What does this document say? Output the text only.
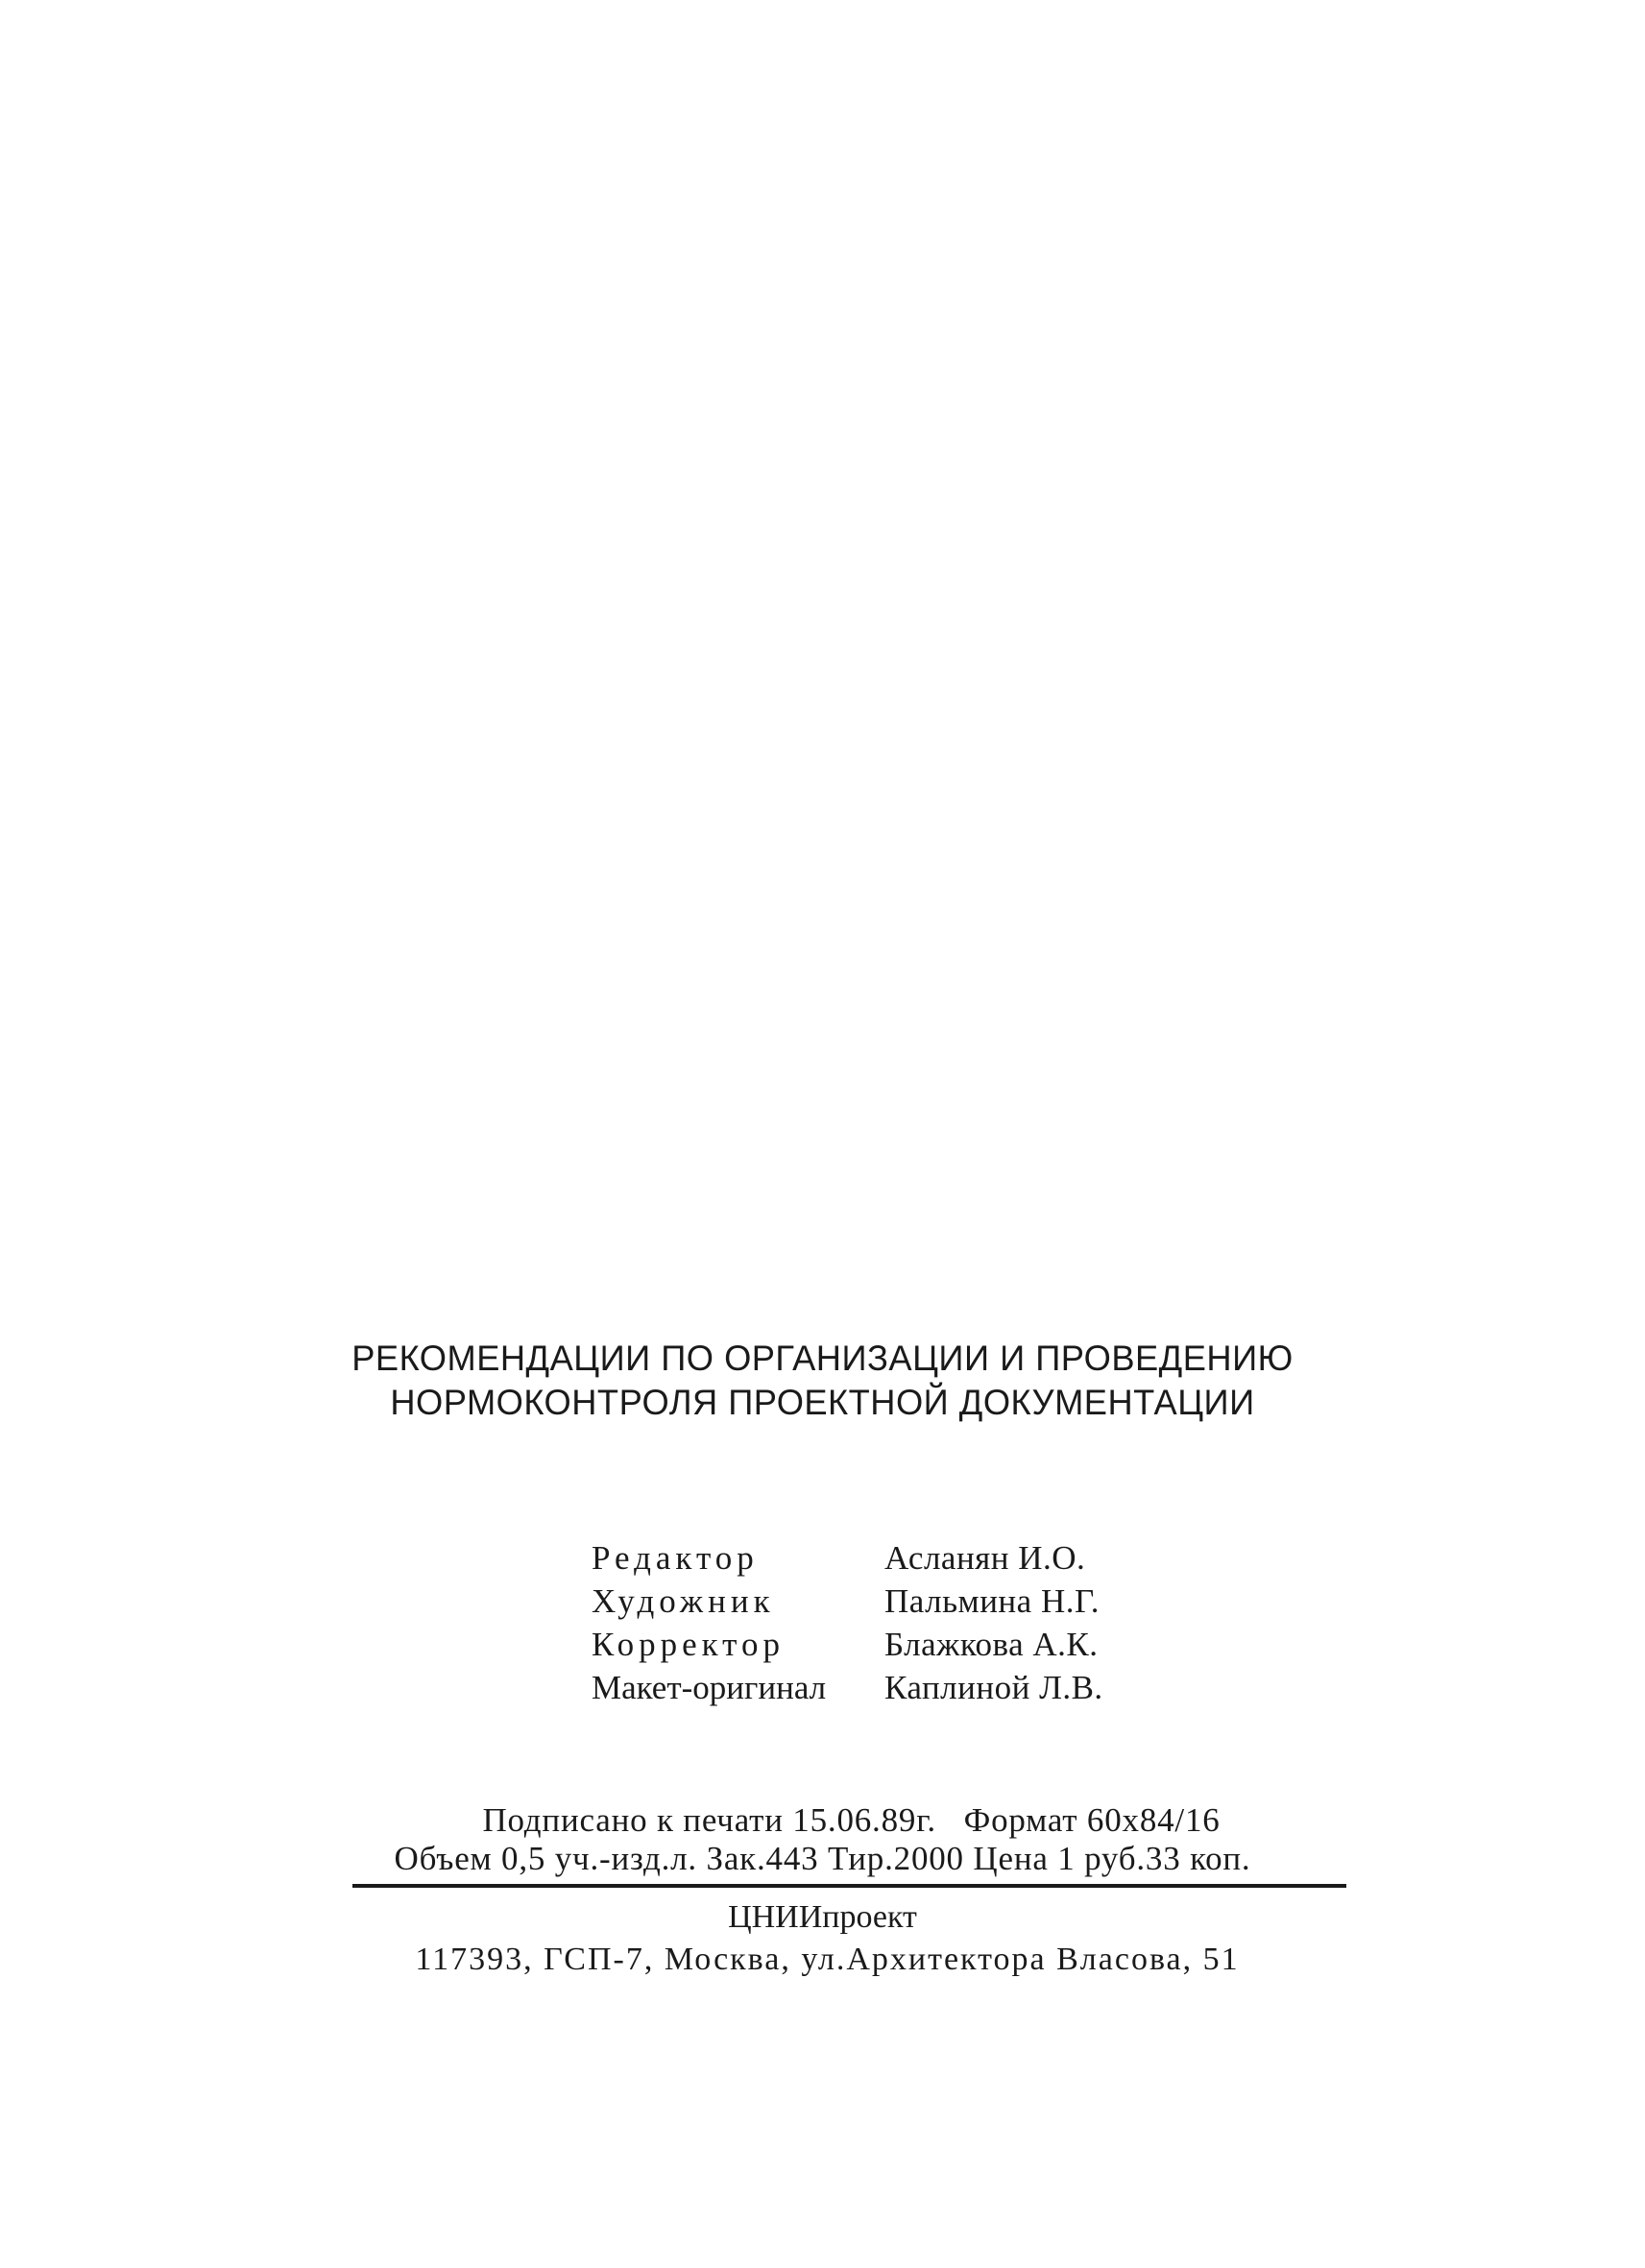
РЕКОМЕНДАЦИИ ПО ОРГАНИЗАЦИИ И ПРОВЕДЕНИЮ
НОРМОКОНТРОЛЯ ПРОЕКТНОЙ ДОКУМЕНТАЦИИ
Редактор	Асланян И.О.
Художник	Пальмина Н.Г.
Корректор	Блажкова А.К.
Макет-оригинал	Каплиной Л.В.
Подписано к печати 15.06.89г.   Формат 60х84/16
Объем 0,5 уч.-изд.л. Зак.443 Тир.2000 Цена 1 руб.33 коп.
ЦНИИпроект
117393, ГСП-7, Москва, ул.Архитектора Власова, 51
